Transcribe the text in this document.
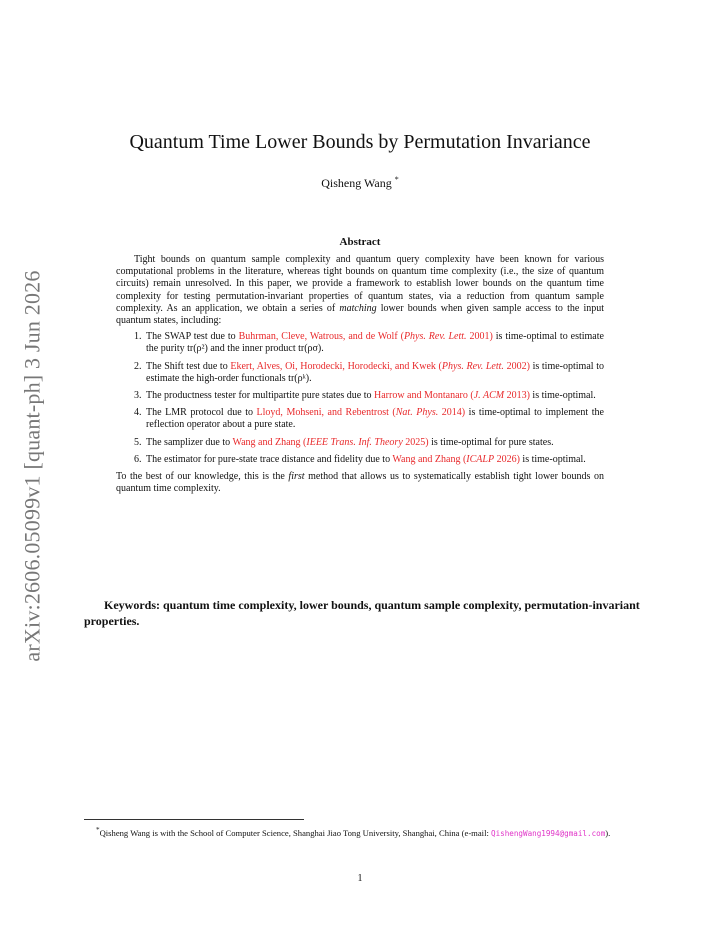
arXiv:2606.05099v1 [quant-ph] 3 Jun 2026
Quantum Time Lower Bounds by Permutation Invariance
Qisheng Wang *
Abstract

Tight bounds on quantum sample complexity and quantum query complexity have been known for various computational problems in the literature, whereas tight bounds on quantum time complexity (i.e., the size of quantum circuits) remain unresolved. In this paper, we provide a framework to establish lower bounds on the quantum time complexity for testing permutation-invariant properties of quantum states, via a reduction from quantum sample complexity. As an application, we obtain a series of matching lower bounds when given sample access to the input quantum states, including:

1. The SWAP test due to Buhrman, Cleve, Watrous, and de Wolf (Phys. Rev. Lett. 2001) is time-optimal to estimate the purity tr(ρ²) and the inner product tr(ρσ).
2. The Shift test due to Ekert, Alves, Oi, Horodecki, Horodecki, and Kwek (Phys. Rev. Lett. 2002) is time-optimal to estimate the high-order functionals tr(ρᵏ).
3. The productness tester for multipartite pure states due to Harrow and Montanaro (J. ACM 2013) is time-optimal.
4. The LMR protocol due to Lloyd, Mohseni, and Rebentrost (Nat. Phys. 2014) is time-optimal to implement the reflection operator about a pure state.
5. The samplizer due to Wang and Zhang (IEEE Trans. Inf. Theory 2025) is time-optimal for pure states.
6. The estimator for pure-state trace distance and fidelity due to Wang and Zhang (ICALP 2026) is time-optimal.

To the best of our knowledge, this is the first method that allows us to systematically establish tight lower bounds on quantum time complexity.

Keywords: quantum time complexity, lower bounds, quantum sample complexity, permutation-invariant properties.
*Qisheng Wang is with the School of Computer Science, Shanghai Jiao Tong University, Shanghai, China (e-mail: QishengWang1994@gmail.com).
1
